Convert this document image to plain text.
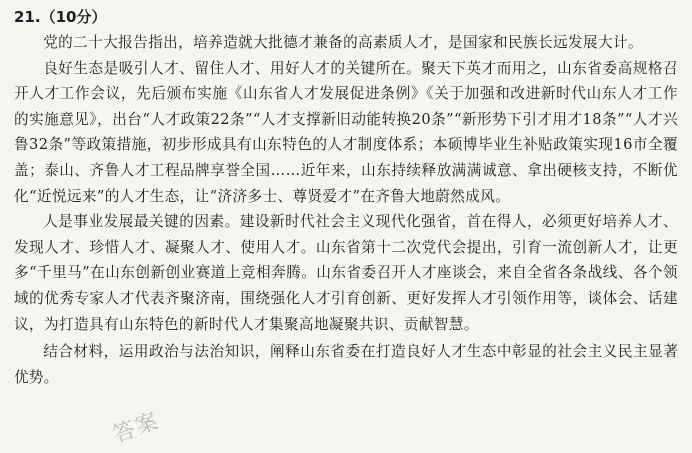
21.（10分）

党的二十大报告指出，培养造就大批德才兼备的高素质人才，是国家和民族长远发展大计。

良好生态是吸引人才、留住人才、用好人才的关键所在。聚天下英才而用之，山东省委高规格召开人才工作会议，先后颁布实施《山东省人才发展促进条例》《关于加强和改进新时代山东人才工作的实施意见》，出台“人才政策22条”“人才支撑新旧动能转换20条”“新形势下引才用才18条”“人才兴鲁32条”等政策措施，初步形成具有山东特色的人才制度体系；本硕博毕业生补贴政策实现16市全覆盖；泰山、齐鲁人才工程品牌享誉全国……近年来，山东持续释放满满诚意、拿出硬核支持，不断优化“近悦远来”的人才生态，让“济济多士、尊贤爱才”在齐鲁大地蔚然成风。

人是事业发展最关键的因素。建设新时代社会主义现代化强省，首在得人，必须更好培养人才、发现人才、珍惜人才、凝聚人才、使用人才。山东省第十二次党代会提出，引育一流创新人才，让更多“千里马”在山东创新创业赛道上竞相奔腾。山东省委召开人才座谈会，来自全省各条战线、各个领域的优秀专家人才代表齐聚济南，围绕强化人才引育创新、更好发挥人才引领作用等，谈体会、话建议，为打造具有山东特色的新时代人才集聚高地凝聚共识、贡献智慧。

结合材料，运用政治与法治知识，阐释山东省委在打造良好人才生态中彰显的社会主义民主显著优势。

答案
